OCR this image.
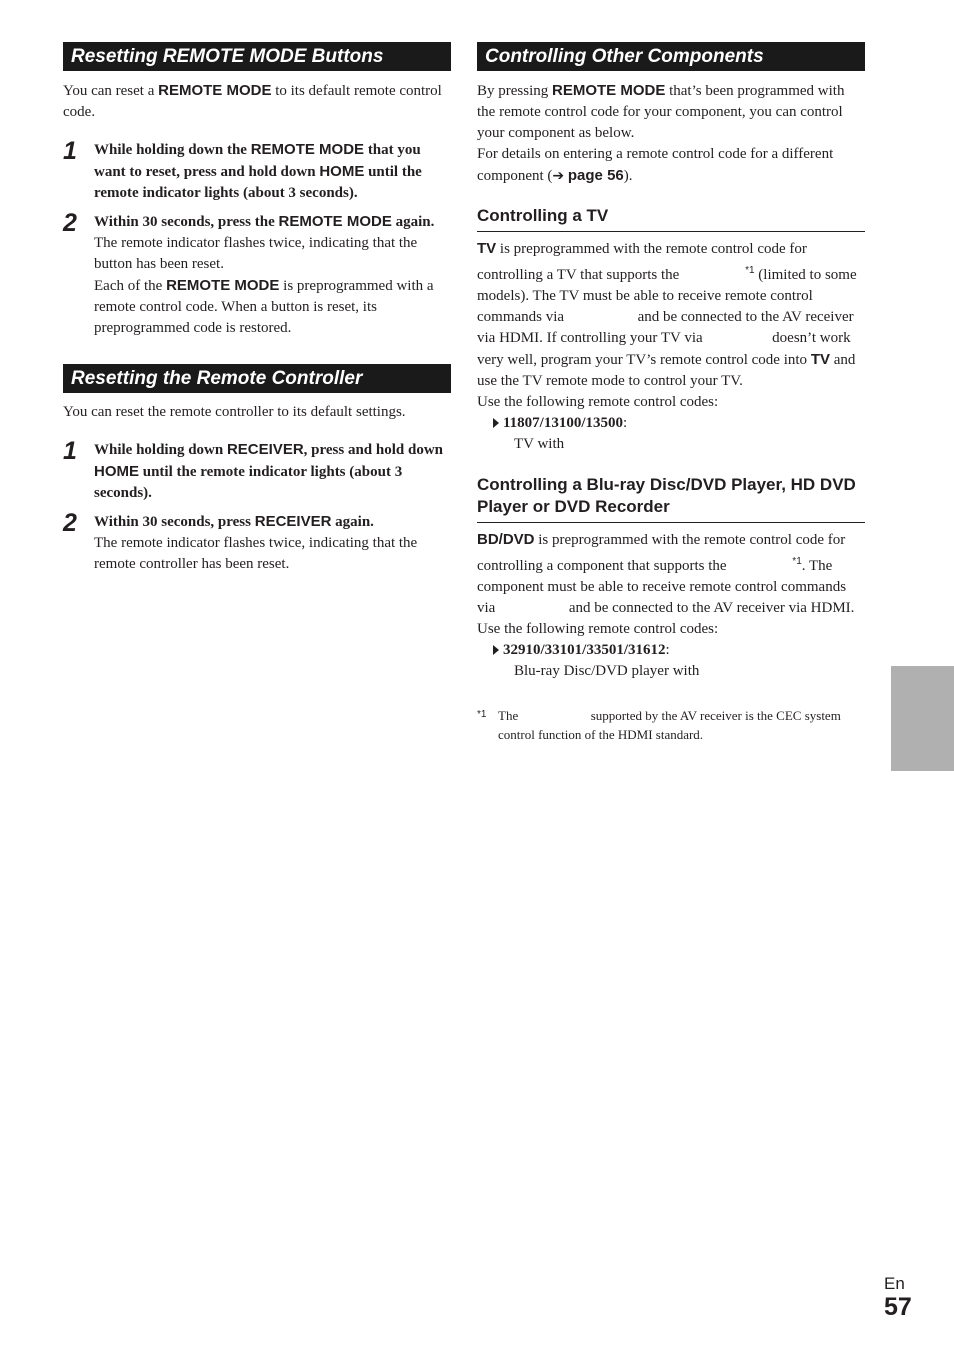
Resetting REMOTE MODE Buttons

You can reset a REMOTE MODE to its default remote control code.

1 While holding down the REMOTE MODE that you want to reset, press and hold down HOME until the remote indicator lights (about 3 seconds).

2 Within 30 seconds, press the REMOTE MODE again.

The remote indicator flashes twice, indicating that the button has been reset.

Each of the REMOTE MODE is preprogrammed with a remote control code. When a button is reset, its preprogrammed code is restored.

Resetting the Remote Controller

You can reset the remote controller to its default settings.

1 While holding down RECEIVER, press and hold down HOME until the remote indicator lights (about 3 seconds).

2 Within 30 seconds, press RECEIVER again.

The remote indicator flashes twice, indicating that the remote controller has been reset.

Controlling Other Components

By pressing REMOTE MODE that’s been programmed with the remote control code for your component, you can control your component as below.

For details on entering a remote control code for a different component (➔ page 56).

Controlling a TV

TV is preprogrammed with the remote control code for controlling a TV that supports the	$^{*1}$ (limited to some models). The TV must be able to receive remote control commands via	and be connected to the AV receiver via HDMI. If controlling your TV via	doesn’t work very well, program your TV’s remote control code into TV and use the TV remote mode to control your TV.

Use the following remote control codes:

11807/13100/13500:
TV with
Controlling a Blu-ray Disc/DVD Player, HD DVD Player or DVD Recorder

BD/DVD is preprogrammed with the remote control code for controlling a component that supports the	$^{*1}$. The component must be able to receive remote control commands via	and be connected to the AV receiver via HDMI.

Use the following remote control codes:

32910/33101/33501/31612:
Blu-ray Disc/DVD player with
*1 The	supported by the AV receiver is the CEC system control function of the HDMI standard.
En
57
